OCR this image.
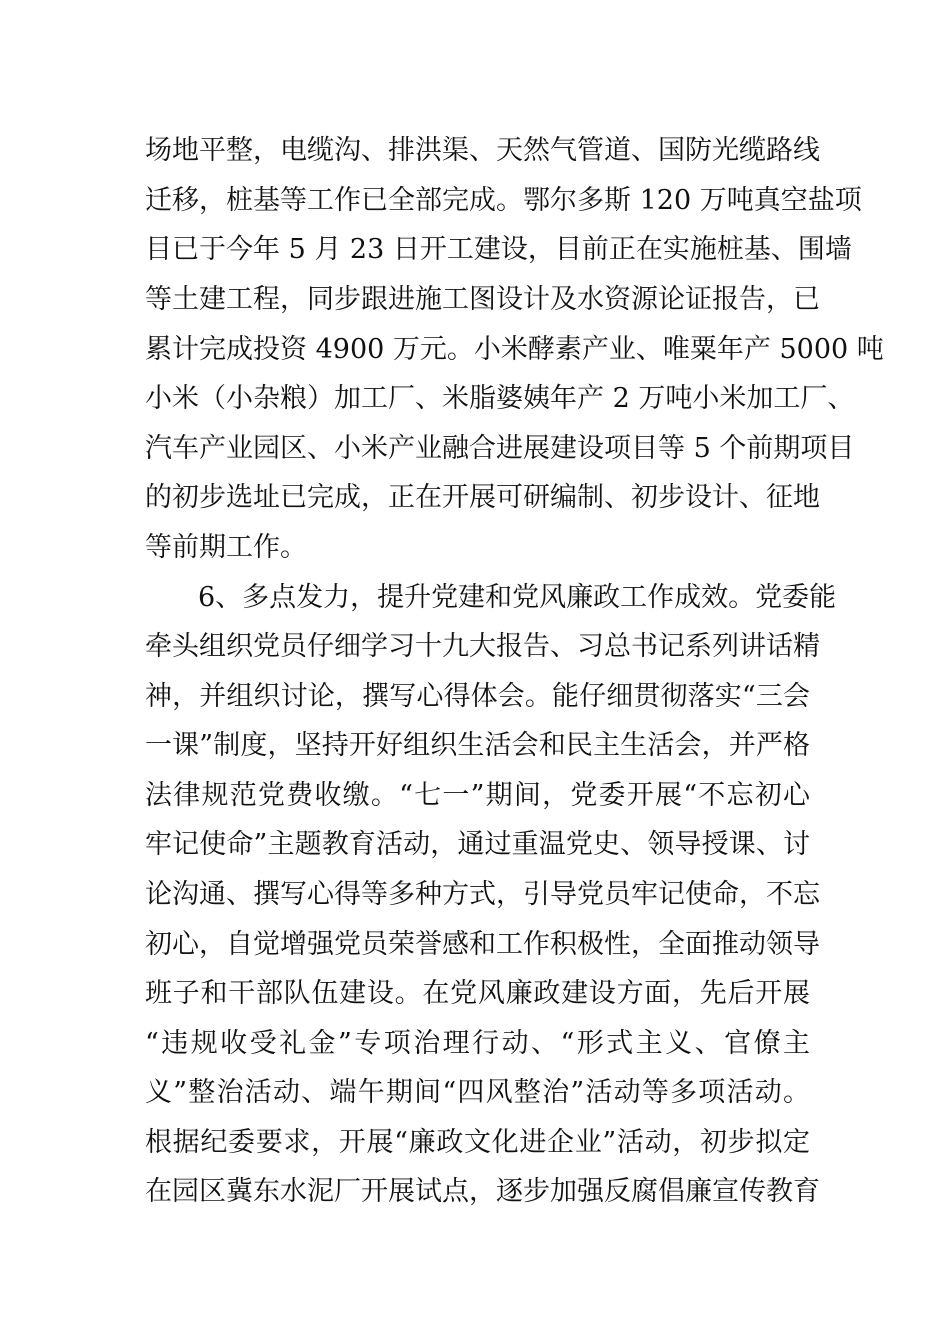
场地平整，电缆沟、排洪渠、天然气管道、国防光缆路线
迁移，桩基等工作已全部完成。鄂尔多斯 120 万吨真空盐项
目已于今年 5 月 23 日开工建设，目前正在实施桩基、围墙
等土建工程，同步跟进施工图设计及水资源论证报告，已
累计完成投资 4900 万元。小米酵素产业、唯粟年产 5000 吨
小米（小杂粮）加工厂、米脂婆姨年产 2 万吨小米加工厂、
汽车产业园区、小米产业融合进展建设项目等 5 个前期项目
的初步选址已完成，正在开展可研编制、初步设计、征地
等前期工作。
6、多点发力，提升党建和党风廉政工作成效。党委能
牵头组织党员仔细学习十九大报告、习总书记系列讲话精
神，并组织讨论，撰写心得体会。能仔细贯彻落实“三会
一课”制度，坚持开好组织生活会和民主生活会，并严格
法律规范党费收缴。“七一”期间，党委开展“不忘初心
牢记使命”主题教育活动，通过重温党史、领导授课、讨
论沟通、撰写心得等多种方式，引导党员牢记使命，不忘
初心，自觉增强党员荣誉感和工作积极性，全面推动领导
班子和干部队伍建设。在党风廉政建设方面，先后开展
“违规收受礼金”专项治理行动、“形式主义、官僚主
义”整治活动、端午期间“四风整治”活动等多项活动。
根据纪委要求，开展“廉政文化进企业”活动，初步拟定
在园区冀东水泥厂开展试点，逐步加强反腐倡廉宣传教育
